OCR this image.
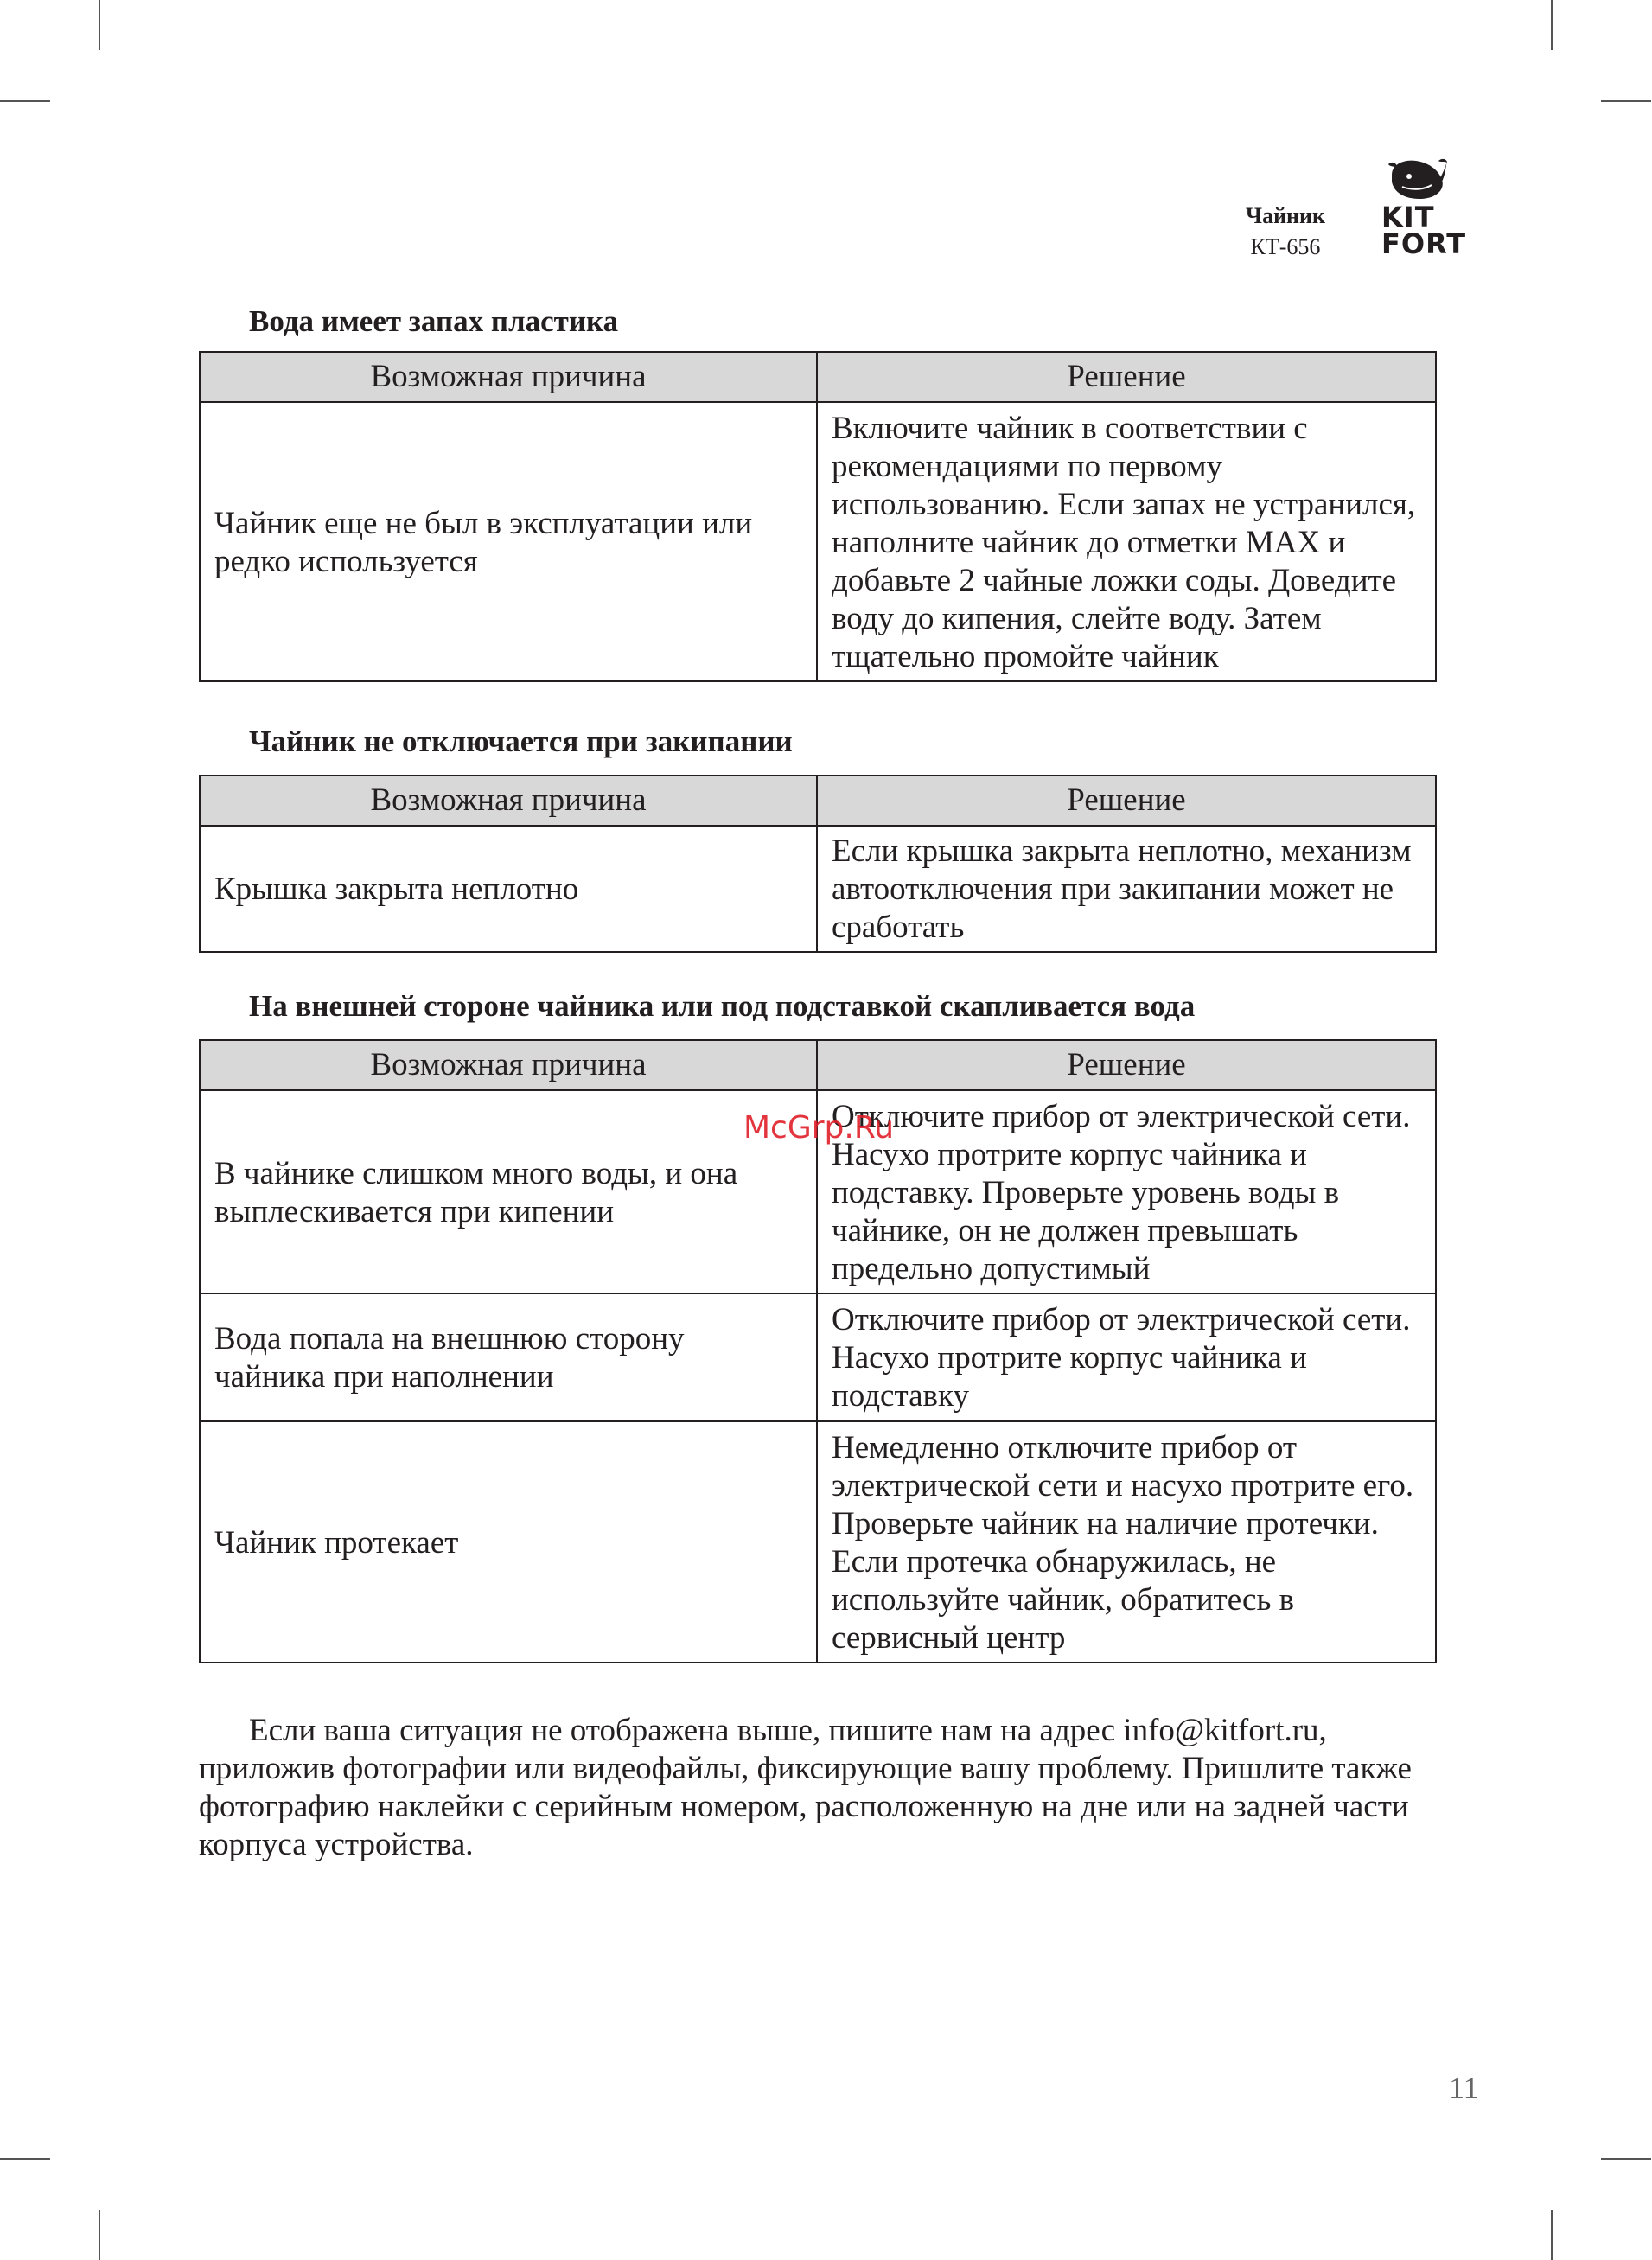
Чайник
КТ-656
KIT
FORT
Вода имеет запах пластика
Возможная причина	Решение
Чайник еще не был в эксплуатации или редко используется	Включите чайник в соответствии с рекомендациями по первому использованию. Если запах не устранился, наполните чайник до отметки MAX и добавьте 2 чайные ложки соды. Доведите воду до кипения, слейте воду. Затем тщательно промойте чайник
Чайник не отключается при закипании
Возможная причина	Решение
Крышка закрыта неплотно	Если крышка закрыта неплотно, механизм автоотключения при закипании может не сработать
На внешней стороне чайника или под подставкой скапливается вода
Возможная причина	Решение
В чайнике слишком много воды, и она выплескивается при кипении	Отключите прибор от электрической сети. Насухо протрите корпус чайника и подставку. Проверьте уровень воды в чайнике, он не должен превышать предельно допустимый
Вода попала на внешнюю сторону чайника при наполнении	Отключите прибор от электрической сети. Насухо протрите корпус чайника и подставку
Чайник протекает	Немедленно отключите прибор от электрической сети и насухо протрите его. Проверьте чайник на наличие протечки. Если протечка обнаружилась, не используйте чайник, обратитесь в сервисный центр
McGrp.Ru

Если ваша ситуация не отображена выше, пишите нам на адрес info@kitfort.ru, приложив фотографии или видеофайлы, фиксирующие вашу проблему. Пришлите также фотографию наклейки с серийным номером, расположенную на дне или на задней части корпуса устройства.

11
